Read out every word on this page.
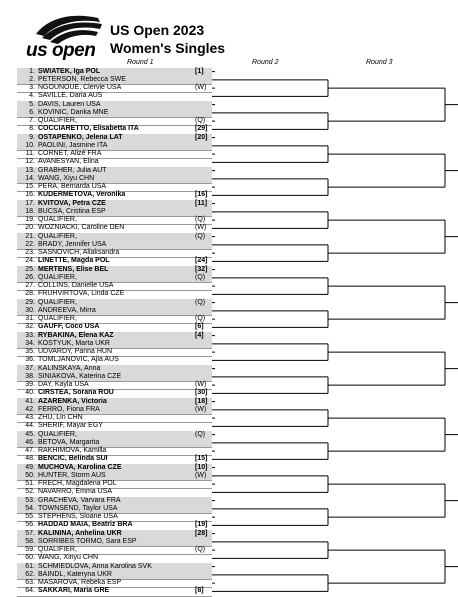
us open
US Open 2023
Women's Singles
Round 1	Round 2	Round 3
1. SWIATEK, Iga POL	[1]
2. PETERSON, Rebecca SWE
3. NGOUNOUE, Clervie USA	(W)
4. SAVILLE, Daria AUS
5. DAVIS, Lauren USA
6. KOVINIC, Danka MNE
7. QUALIFIER,	(Q)
8. COCCIARETTO, Elisabetta ITA	[29]
9. OSTAPENKO, Jelena LAT	[20]
10. PAOLINI, Jasmine ITA
11. CORNET, Alizé FRA
12. AVANESYAN, Elina
13. GRABHER, Julia AUT
14. WANG, Xiyu CHN
15. PERA, Bernarda USA
16. KUDERMETOVA, Veronika	[16]
17. KVITOVA, Petra CZE	[11]
18. BUCSA, Cristina ESP
19. QUALIFIER,	(Q)
20. WOZNIACKI, Caroline DEN	(W)
21. QUALIFIER,	(Q)
22. BRADY, Jennifer USA
23. SASNOVICH, Aliaksandra
24. LINETTE, Magda POL	[24]
25. MERTENS, Elise BEL	[32]
26. QUALIFIER,	(Q)
27. COLLINS, Danielle USA
28. FRUHVIRTOVA, Linda CZE
29. QUALIFIER,	(Q)
30. ANDREEVA, Mirra
31. QUALIFIER,	(Q)
32. GAUFF, Coco USA	[6]
33. RYBAKINA, Elena KAZ	[4]
34. KOSTYUK, Marta UKR
35. UDVARDY, Panna HUN
36. TOMLJANOVIC, Ajla AUS
37. KALINSKAYA, Anna
38. SINIAKOVA, Katerina CZE
39. DAY, Kayla USA	(W)
40. CIRSTEA, Sorana ROU	[30]
41. AZARENKA, Victoria	[18]
42. FERRO, Fiona FRA	(W)
43. ZHU, Lin CHN
44. SHERIF, Mayar EGY
45. QUALIFIER,	(Q)
46. BETOVA, Margarita
47. RAKHIMOVA, Kamilla
48. BENCIC, Belinda SUI	[15]
49. MUCHOVA, Karolina CZE	[10]
50. HUNTER, Storm AUS	(W)
51. FRECH, Magdalena POL
52. NAVARRO, Emma USA
53. GRACHEVA, Varvara FRA
54. TOWNSEND, Taylor USA
55. STEPHENS, Sloane USA
56. HADDAD MAIA, Beatriz BRA	[19]
57. KALININA, Anhelina UKR	[28]
58. SORRIBES TORMO, Sara ESP
59. QUALIFIER,	(Q)
60. WANG, Xinyu CHN
61. SCHMIEDLOVA, Anna Karolina SVK
62. BAINDL, Kateryna UKR
63. MASAROVA, Rebeka ESP
64. SAKKARI, Maria GRE	[8]
